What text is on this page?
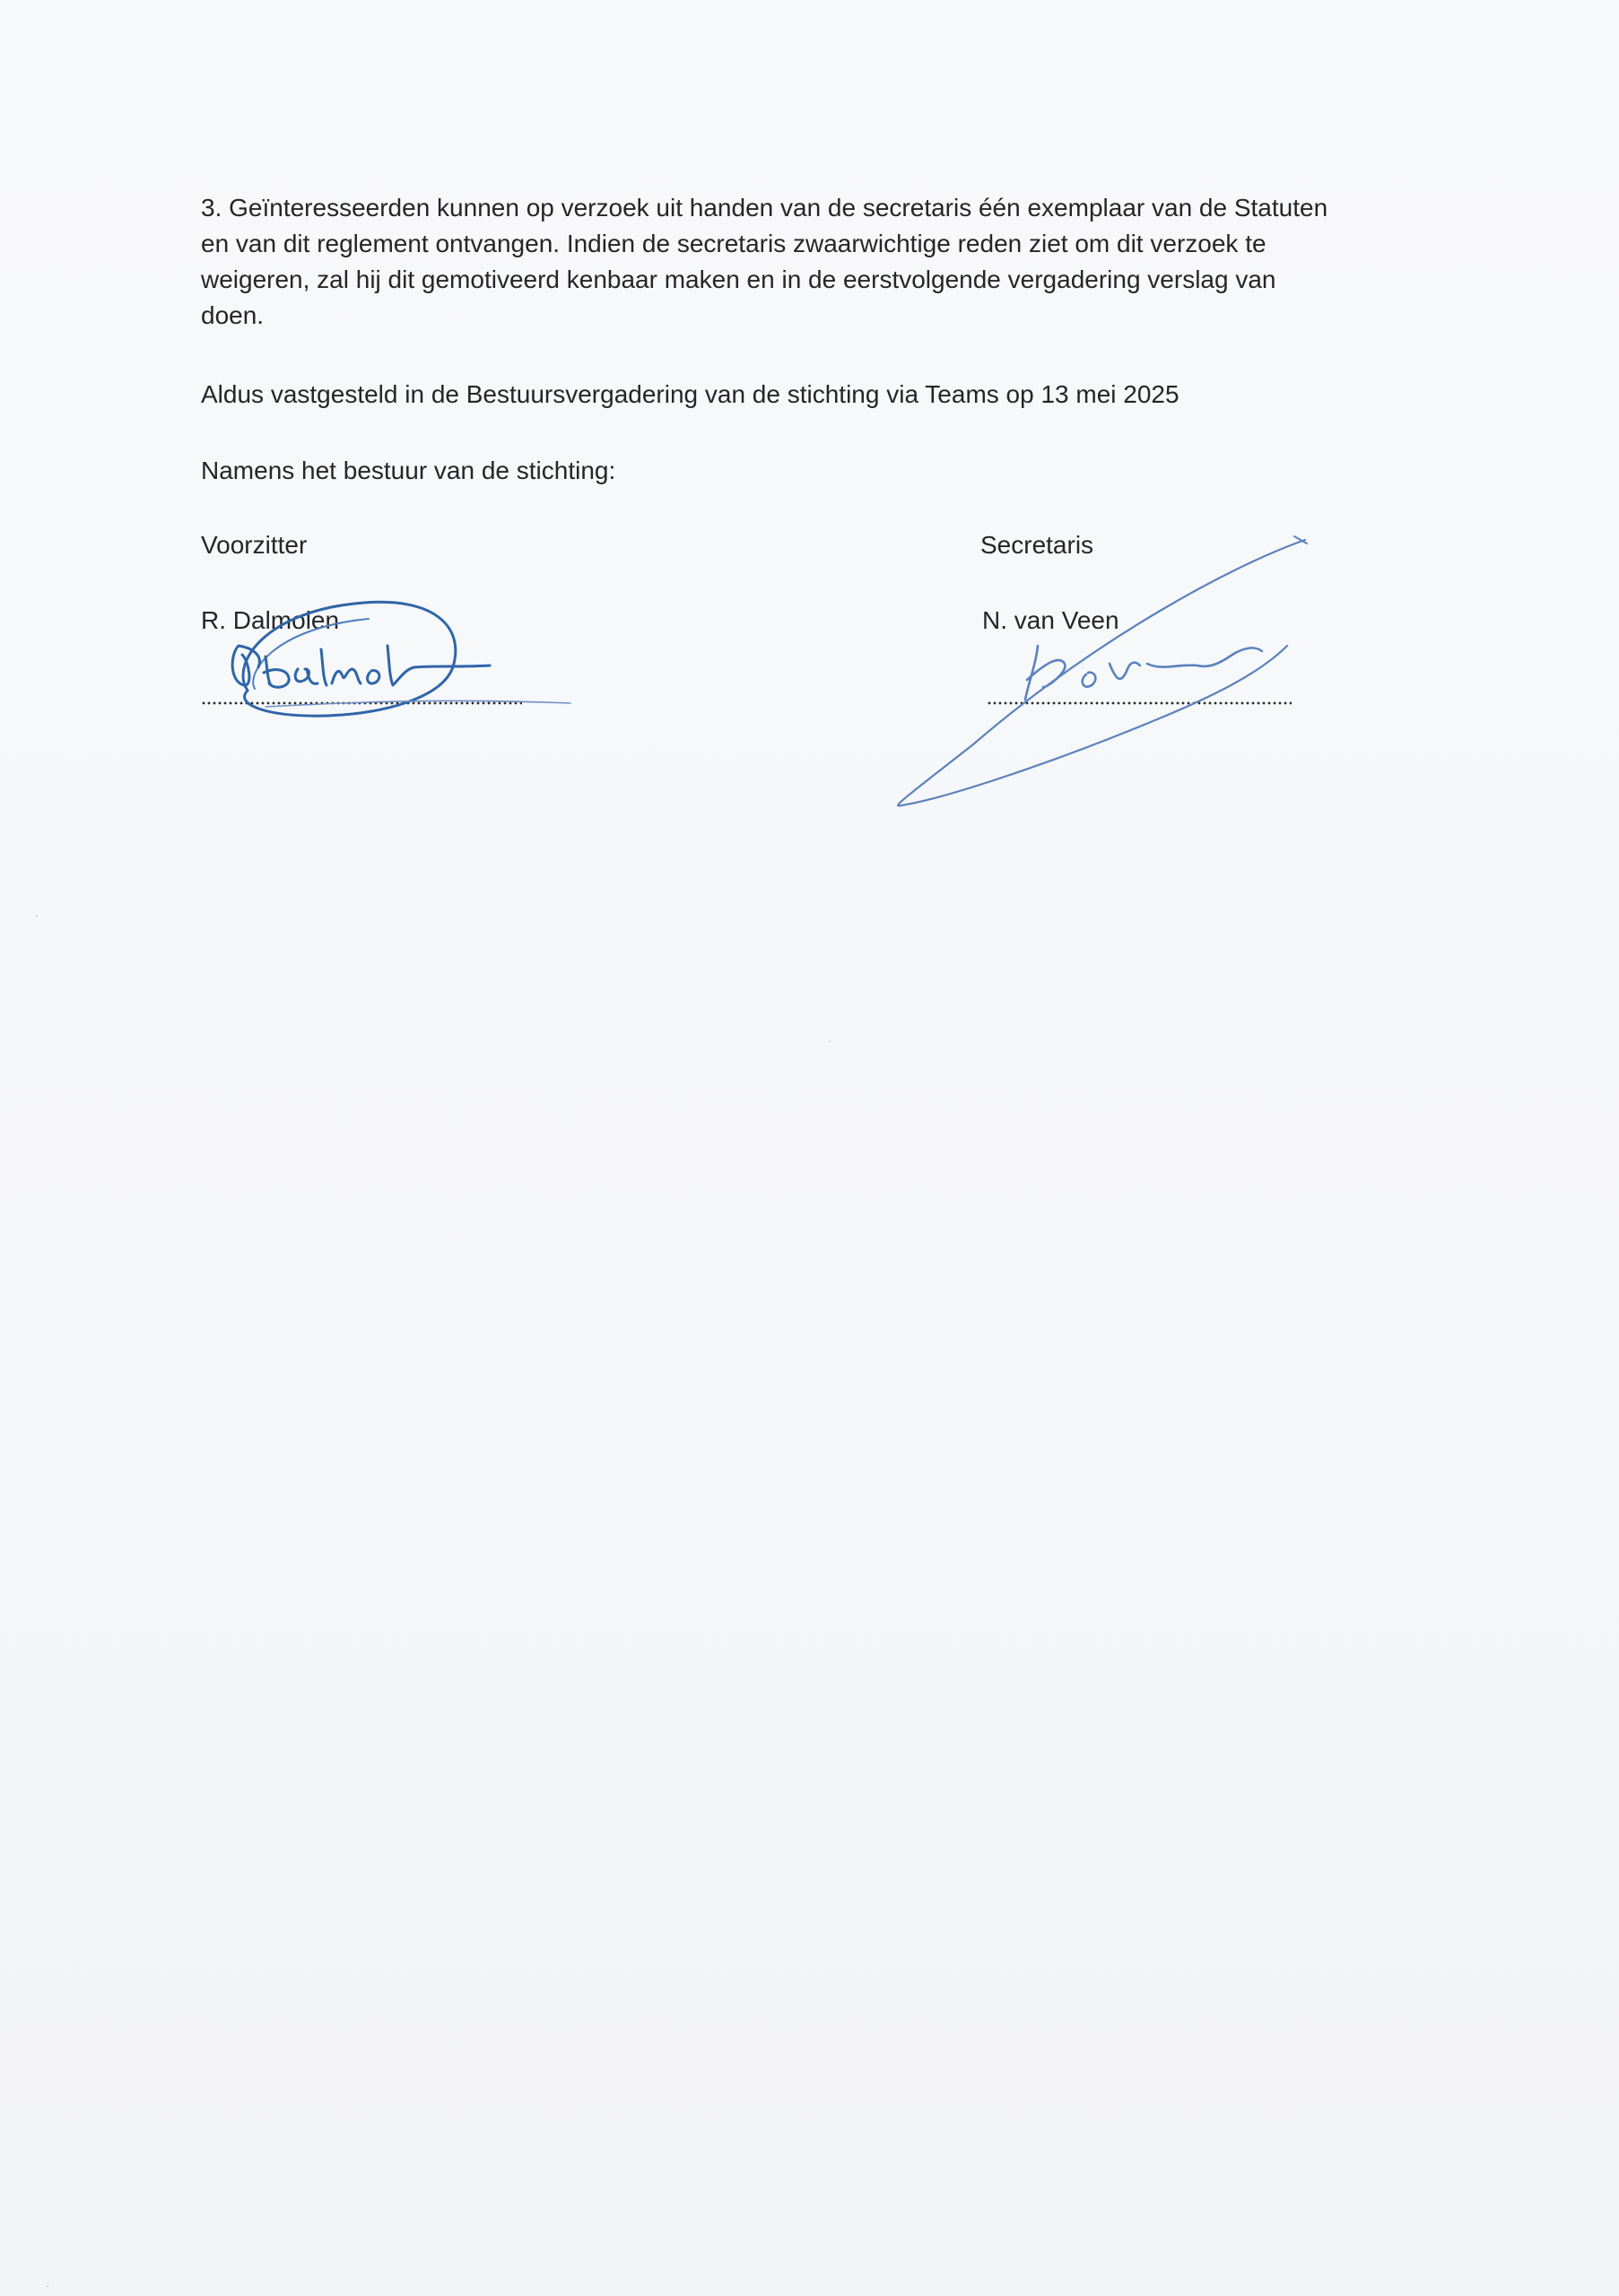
3. Geïnteresseerden kunnen op verzoek uit handen van de secretaris één exemplaar van de Statuten

en van dit reglement ontvangen. Indien de secretaris zwaarwichtige reden ziet om dit verzoek te

weigeren, zal hij dit gemotiveerd kenbaar maken en in de eerstvolgende vergadering verslag van

doen.

Aldus vastgesteld in de Bestuursvergadering van de stichting via Teams op 13 mei 2025
Namens het bestuur van de stichting:
Voorzitter
R. Dalmolen
Secretaris
N. van Veen
